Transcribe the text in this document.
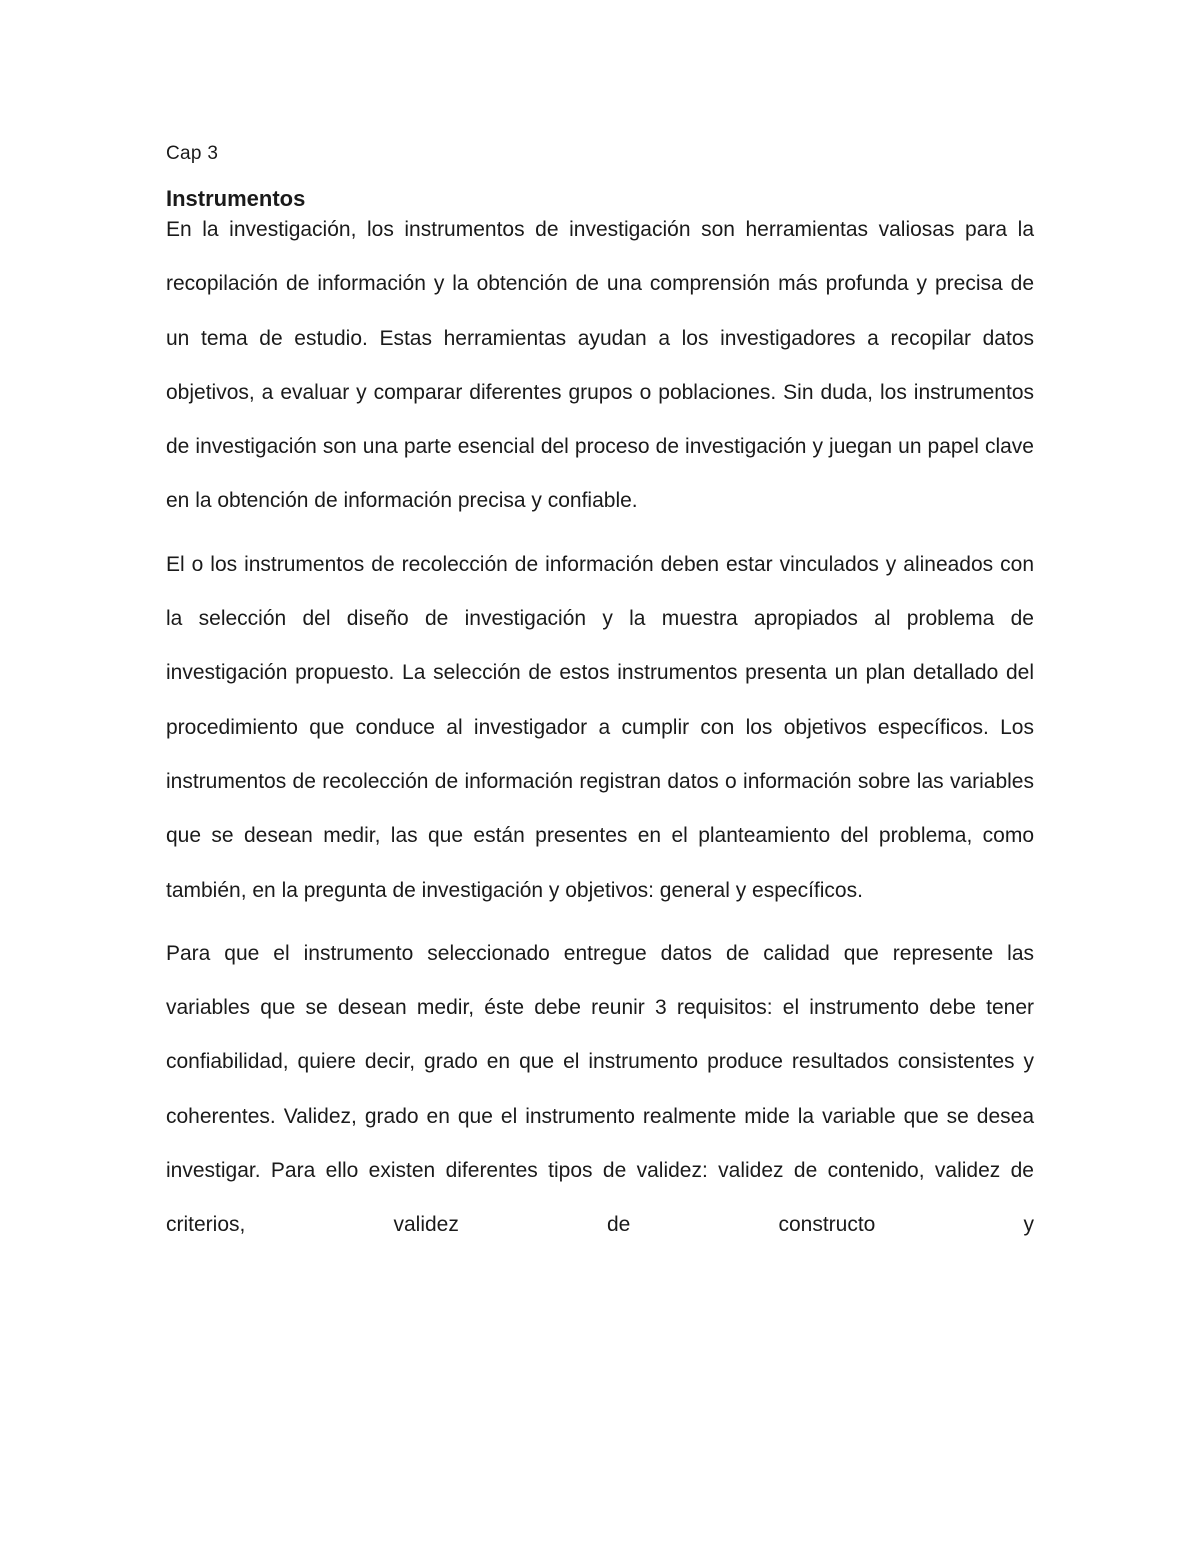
Cap 3

Instrumentos

En la investigación, los instrumentos de investigación son herramientas valiosas para la recopilación de información y la obtención de una comprensión más profunda y precisa de un tema de estudio. Estas herramientas ayudan a los investigadores a recopilar datos objetivos, a evaluar y comparar diferentes grupos o poblaciones. Sin duda, los instrumentos de investigación son una parte esencial del proceso de investigación y juegan un papel clave en la obtención de información precisa y confiable.

El o los instrumentos de recolección de información deben estar vinculados y alineados con la selección del diseño de investigación y la muestra apropiados al problema de investigación propuesto. La selección de estos instrumentos presenta un plan detallado del procedimiento que conduce al investigador a cumplir con los objetivos específicos. Los instrumentos de recolección de información registran datos o información sobre las variables que se desean medir, las que están presentes en el planteamiento del problema, como también, en la pregunta de investigación y objetivos: general y específicos.

Para que el instrumento seleccionado entregue datos de calidad que represente las variables que se desean medir, éste debe reunir 3 requisitos: el instrumento debe tener confiabilidad, quiere decir, grado en que el instrumento produce resultados consistentes y coherentes. Validez, grado en que el instrumento realmente mide la variable que se desea investigar. Para ello existen diferentes tipos de validez: validez de contenido, validez de criterios, validez de constructo y
